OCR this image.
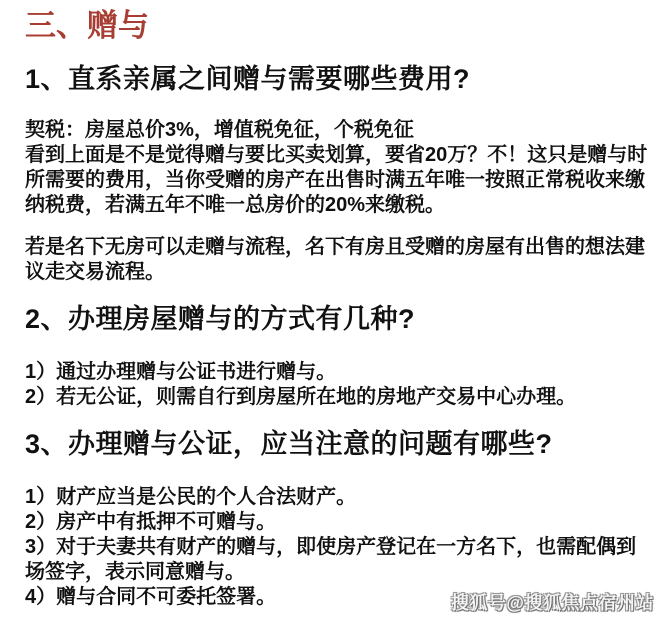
三、赠与
1、直系亲属之间赠与需要哪些费用?

契税：房屋总价3%，增值税免征，个税免征

看到上面是不是觉得赠与要比买卖划算，要省20万？不！这只是赠与时所需要的费用，当你受赠的房产在出售时满五年唯一按照正常税收来缴纳税费，若满五年不唯一总房价的20%来缴税。

若是名下无房可以走赠与流程，名下有房且受赠的房屋有出售的想法建议走交易流程。

2、办理房屋赠与的方式有几种?

1）通过办理赠与公证书进行赠与。

2）若无公证，则需自行到房屋所在地的房地产交易中心办理。

3、办理赠与公证，应当注意的问题有哪些?

1）财产应当是公民的个人合法财产。

2）房产中有抵押不可赠与。

3）对于夫妻共有财产的赠与，即使房产登记在一方名下，也需配偶到场签字，表示同意赠与。

4）赠与合同不可委托签署。	搜狐号@搜狐焦点宿州站
